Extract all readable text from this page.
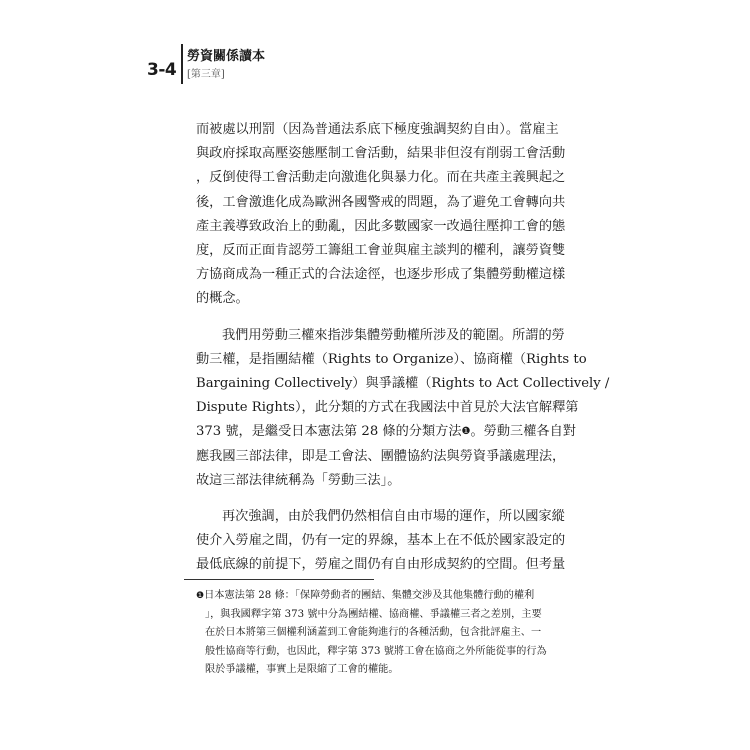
3-4
勞資關係讀本
[第三章]

而被處以刑罰（因為普通法系底下極度強調契約自由）。當雇主

與政府採取高壓姿態壓制工會活動，結果非但沒有削弱工會活動

，反倒使得工會活動走向激進化與暴力化。而在共產主義興起之

後，工會激進化成為歐洲各國警戒的問題，為了避免工會轉向共

產主義導致政治上的動亂，因此多數國家一改過往壓抑工會的態

度，反而正面肯認勞工籌組工會並與雇主談判的權利，讓勞資雙

方協商成為一種正式的合法途徑，也逐步形成了集體勞動權這樣

的概念。

我們用勞動三權來指涉集體勞動權所涉及的範圍。所謂的勞

動三權，是指團結權（Rights to Organize）、協商權（Rights to

Bargaining Collectively）與爭議權（Rights to Act Collectively /

Dispute Rights），此分類的方式在我國法中首見於大法官解釋第

373 號，是繼受日本憲法第 28 條的分類方法❶。勞動三權各自對

應我國三部法律，即是工會法、團體協約法與勞資爭議處理法，

故這三部法律統稱為「勞動三法」。

再次強調，由於我們仍然相信自由市場的運作，所以國家縱

使介入勞雇之間，仍有一定的界線，基本上在不低於國家設定的

最低底線的前提下，勞雇之間仍有自由形成契約的空間。但考量

❶日本憲法第 28 條：「保障勞動者的團結、集體交涉及其他集體行動的權利

」，與我國釋字第 373 號中分為團結權、協商權、爭議權三者之差別，主要

在於日本將第三個權利涵蓋到工會能夠進行的各種活動，包含批評雇主、一

般性協商等行動，也因此，釋字第 373 號將工會在協商之外所能從事的行為

限於爭議權，事實上是限縮了工會的權能。
